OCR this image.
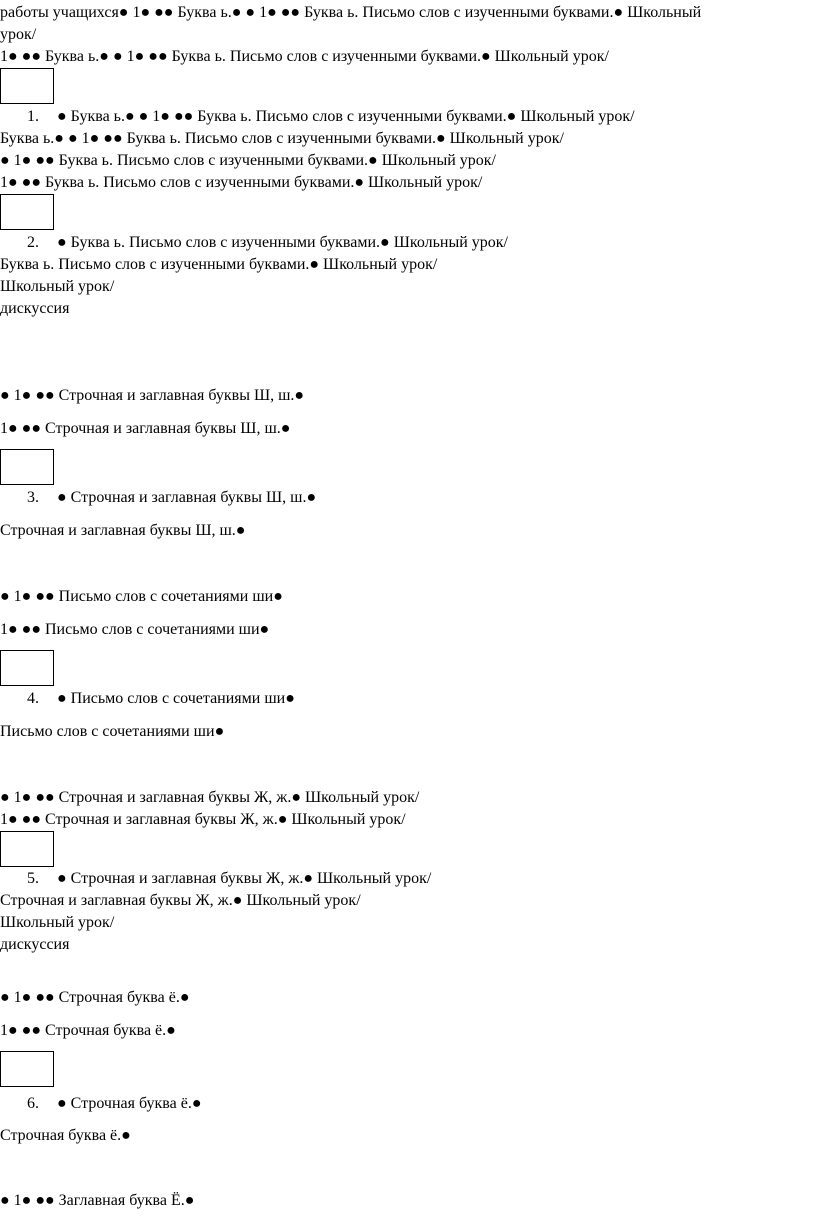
работы учащихся● 1● ●● Буква ь.● ● 1● ●● Буква ь. Письмо слов с изученными буквами.● Школьный
урок/
1● ●● Буква ь.● ● 1● ●● Буква ь. Письмо слов с изученными буквами.● Школьный урок/
1. ● Буква ь.● ● 1● ●● Буква ь. Письмо слов с изученными буквами.● Школьный урок/
Буква ь.● ● 1● ●● Буква ь. Письмо слов с изученными буквами.● Школьный урок/
● 1● ●● Буква ь. Письмо слов с изученными буквами.● Школьный урок/
1● ●● Буква ь. Письмо слов с изученными буквами.● Школьный урок/
2. ● Буква ь. Письмо слов с изученными буквами.● Школьный урок/
Буква ь. Письмо слов с изученными буквами.● Школьный урок/
Школьный урок/
дискуссия
● 1● ●● Строчная и заглавная буквы Ш, ш.●
1● ●● Строчная и заглавная буквы Ш, ш.●
3. ● Строчная и заглавная буквы Ш, ш.●
Строчная и заглавная буквы Ш, ш.●
● 1● ●● Письмо слов с сочетаниями ши●
1● ●● Письмо слов с сочетаниями ши●
4. ● Письмо слов с сочетаниями ши●
Письмо слов с сочетаниями ши●
● 1● ●● Строчная и заглавная буквы Ж, ж.● Школьный урок/
1● ●● Строчная и заглавная буквы Ж, ж.● Школьный урок/
5. ● Строчная и заглавная буквы Ж, ж.● Школьный урок/
Строчная и заглавная буквы Ж, ж.● Школьный урок/
Школьный урок/
дискуссия
● 1● ●● Строчная буква ё.●
1● ●● Строчная буква ё.●
6. ● Строчная буква ё.●
Строчная буква ё.●
● 1● ●● Заглавная буква Ё.●
